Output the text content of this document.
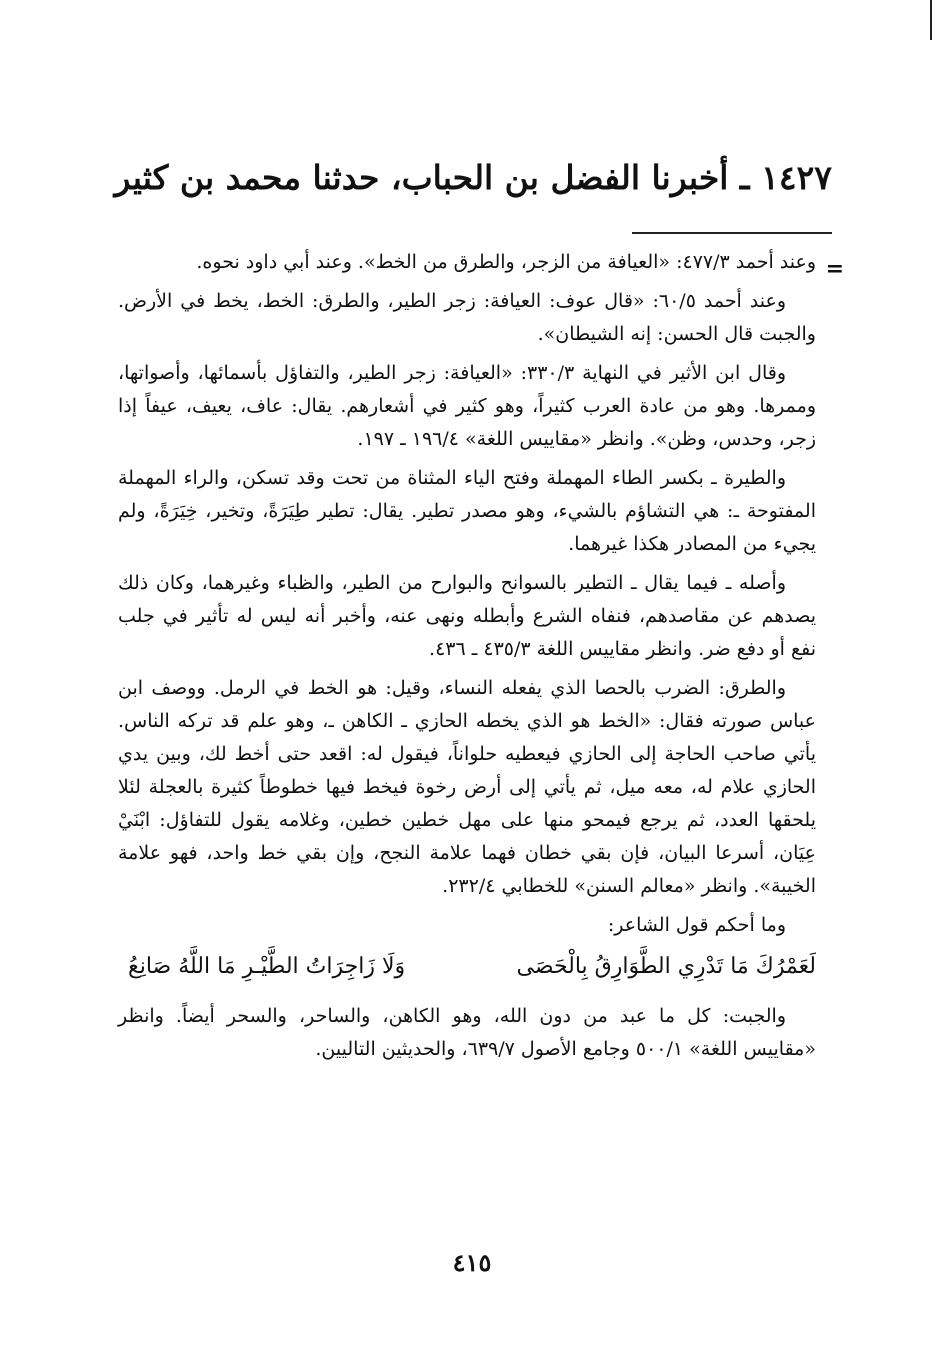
١٤٢٧ ـ أخبرنا الفضل بن الحباب، حدثنا محمد بن كثير
=

وعند أحمد ٤٧٧/٣: «العيافة من الزجر، والطرق من الخط». وعند أبي داود نحوه.

وعند أحمد ٦٠/٥: «قال عوف: العيافة: زجر الطير، والطرق: الخط، يخط في الأرض. والجبت قال الحسن: إنه الشيطان».

وقال ابن الأثير في النهاية ٣٣٠/٣: «العيافة: زجر الطير، والتفاؤل بأسمائها، وأصواتها، وممرها. وهو من عادة العرب كثيراً، وهو كثير في أشعارهم. يقال: عاف، يعيف، عيفاً إذا زجر، وحدس، وظن». وانظر «مقاييس اللغة» ١٩٦/٤ ـ ١٩٧.

والطيرة ـ بكسر الطاء المهملة وفتح الياء المثناة من تحت وقد تسكن، والراء المهملة المفتوحة ـ: هي التشاؤم بالشيء، وهو مصدر تطير. يقال: تطير طِيَرَةً، وتخير، خِيَرَةً، ولم يجيء من المصادر هكذا غيرهما.

وأصله ـ فيما يقال ـ التطير بالسوانح والبوارح من الطير، والظباء وغيرهما، وكان ذلك يصدهم عن مقاصدهم، فنفاه الشرع وأبطله ونهى عنه، وأخبر أنه ليس له تأثير في جلب نفع أو دفع ضر. وانظر مقاييس اللغة ٤٣٥/٣ ـ ٤٣٦.

والطرق: الضرب بالحصا الذي يفعله النساء، وقيل: هو الخط في الرمل. ووصف ابن عباس صورته فقال: «الخط هو الذي يخطه الحازي ـ الكاهن ـ، وهو علم قد تركه الناس. يأتي صاحب الحاجة إلى الحازي فيعطيه حلواناً، فيقول له: اقعد حتى أخط لك، وبين يدي الحازي علام له، معه ميل، ثم يأتي إلى أرض رخوة فيخط فيها خطوطاً كثيرة بالعجلة لئلا يلحقها العدد، ثم يرجع فيمحو منها على مهل خطين خطين، وغلامه يقول للتفاؤل: ابْنَيْ عِيَان، أسرعا البيان، فإن بقي خطان فهما علامة النجح، وإن بقي خط واحد، فهو علامة الخيبة». وانظر «معالم السنن» للخطابي ٢٣٢/٤.

وما أحكم قول الشاعر:

لَعَمْرُكَ مَا تَدْرِي الطَّوَارِقُ بِالْحَصَى
وَلَا زَاجِرَاتُ الطَّيْـرِ مَا اللَّهُ صَانِعُ

والجبت: كل ما عبد من دون الله، وهو الكاهن، والساحر، والسحر أيضاً. وانظر «مقاييس اللغة» ٥٠٠/١ وجامع الأصول ٦٣٩/٧، والحديثين التاليين.

٤١٥
